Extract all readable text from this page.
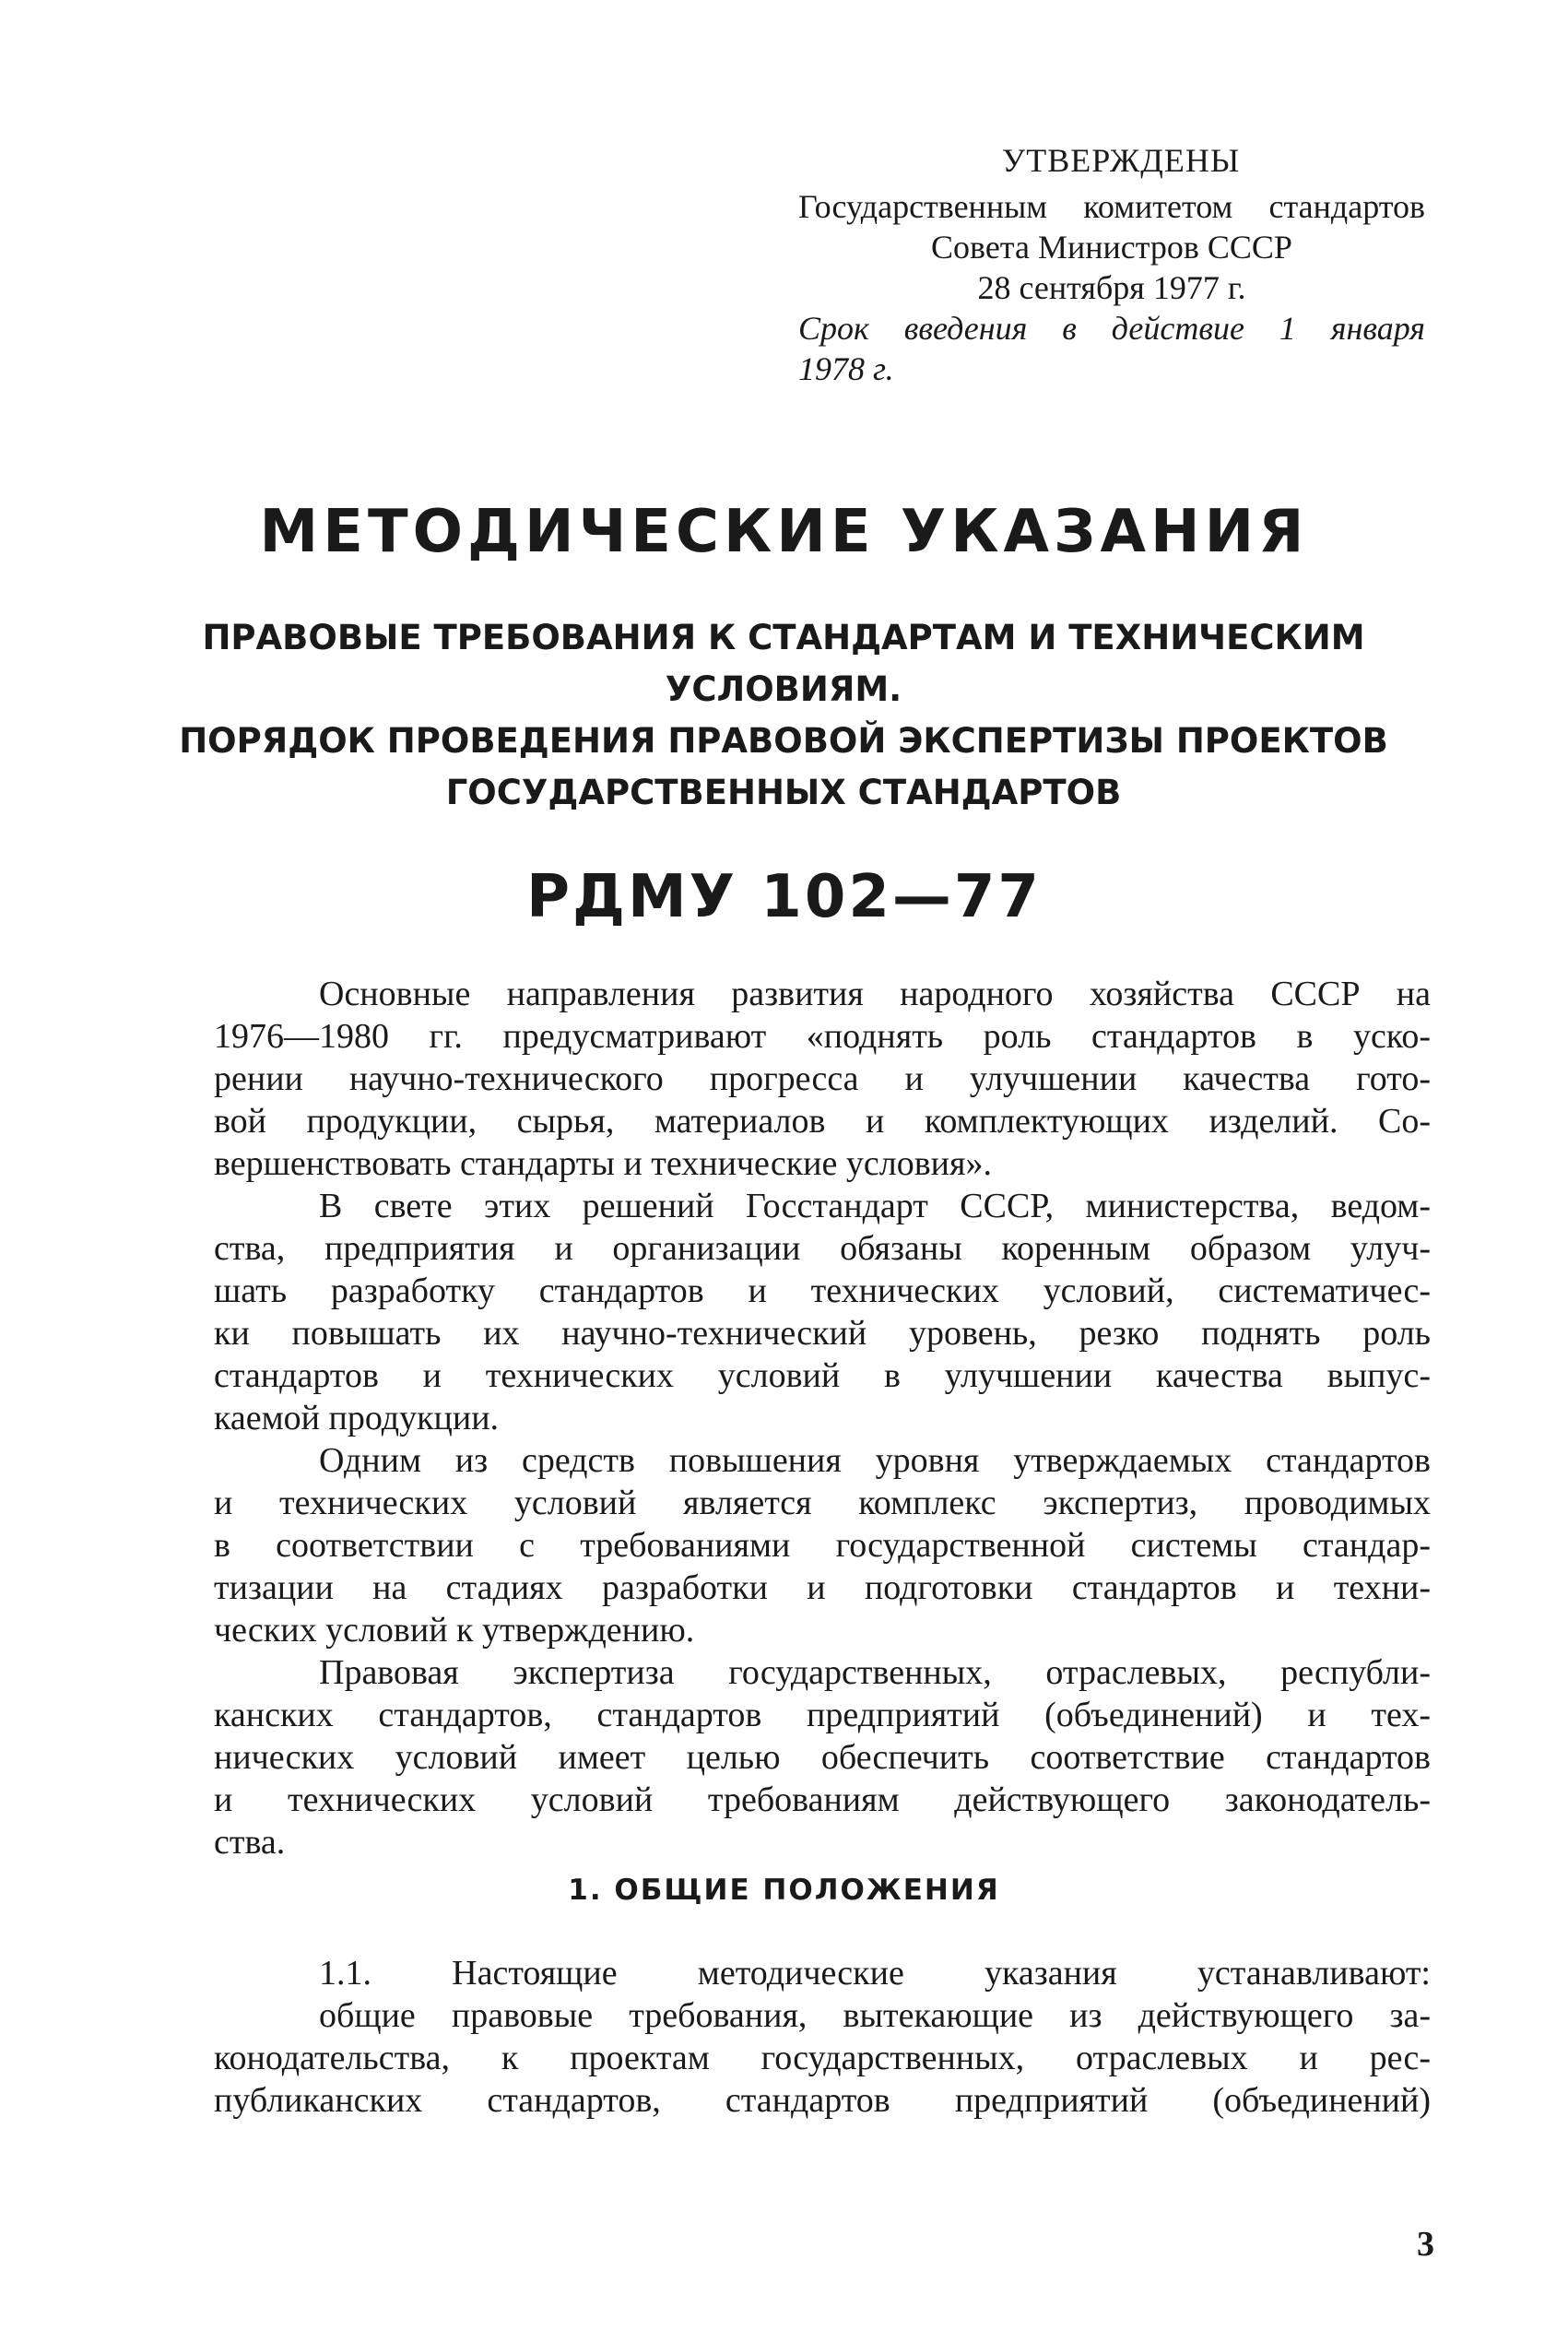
УТВЕРЖДЕНЫ
Государственным комитетом стандартов
Совета Министров СССР
28 сентября 1977 г.
Срок введения в действие 1 января
1978 г.
МЕТОДИЧЕСКИЕ УКАЗАНИЯ
ПРАВОВЫЕ ТРЕБОВАНИЯ К СТАНДАРТАМ И ТЕХНИЧЕСКИМ
УСЛОВИЯМ.
ПОРЯДОК ПРОВЕДЕНИЯ ПРАВОВОЙ ЭКСПЕРТИЗЫ ПРОЕКТОВ
ГОСУДАРСТВЕННЫХ СТАНДАРТОВ
РДМУ 102—77
Основные направления развития народного хозяйства СССР на
1976—1980 гг. предусматривают «поднять роль стандартов в уско-
рении научно-технического прогресса и улучшении качества гото-
вой продукции, сырья, материалов и комплектующих изделий. Со-
вершенствовать стандарты и технические условия».
В свете этих решений Госстандарт СССР, министерства, ведом-
ства, предприятия и организации обязаны коренным образом улуч-
шать разработку стандартов и технических условий, систематичес-
ки повышать их научно-технический уровень, резко поднять роль
стандартов и технических условий в улучшении качества выпус-
каемой продукции.
Одним из средств повышения уровня утверждаемых стандартов
и технических условий является комплекс экспертиз, проводимых
в соответствии с требованиями государственной системы стандар-
тизации на стадиях разработки и подготовки стандартов и техни-
ческих условий к утверждению.
Правовая экспертиза государственных, отраслевых, республи-
канских стандартов, стандартов предприятий (объединений) и тех-
нических условий имеет целью обеспечить соответствие стандартов
и технических условий требованиям действующего законодатель-
ства.
1. ОБЩИЕ ПОЛОЖЕНИЯ
1.1. Настоящие методические указания устанавливают:
общие правовые требования, вытекающие из действующего за-
конодательства, к проектам государственных, отраслевых и рес-
публиканских стандартов, стандартов предприятий (объединений)
3
